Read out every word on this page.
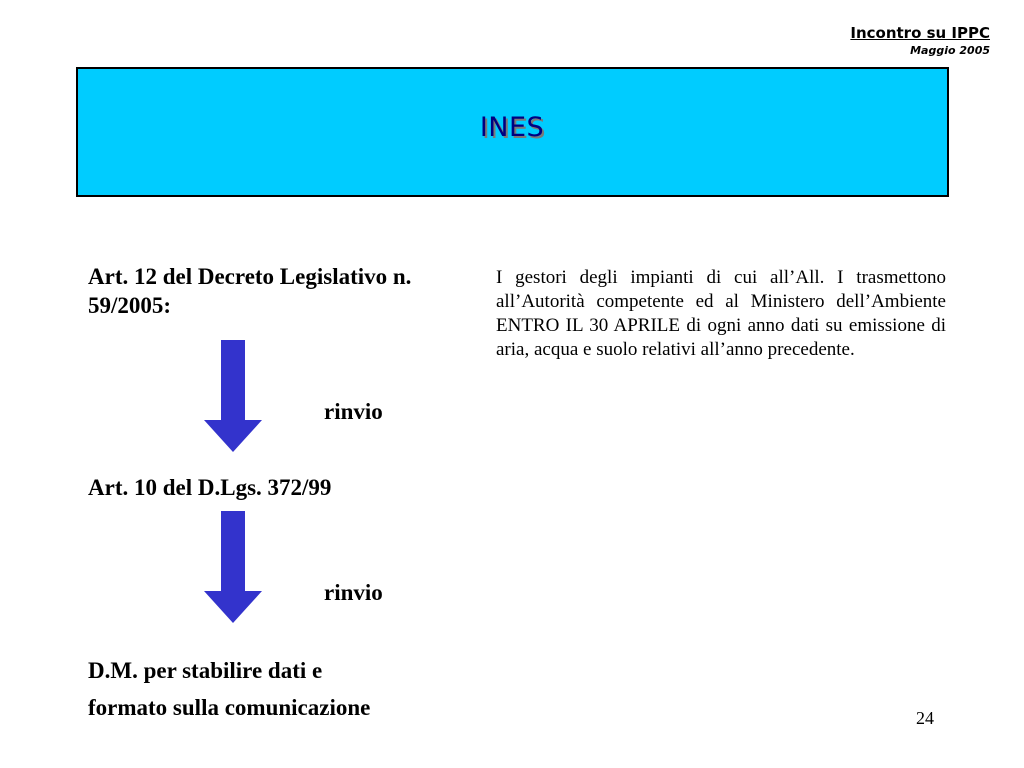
Incontro su IPPC
Maggio 2005
INES
Art. 12 del Decreto Legislativo n. 59/2005:
rinvio
Art. 10 del D.Lgs. 372/99
rinvio
D.M. per stabilire dati e
formato sulla comunicazione
I gestori degli impianti di cui all’All. I trasmettono all’Autorità competente ed al Ministero dell’Ambiente ENTRO IL 30 APRILE di ogni anno dati su emissione di aria, acqua e suolo relativi all’anno precedente.
24
